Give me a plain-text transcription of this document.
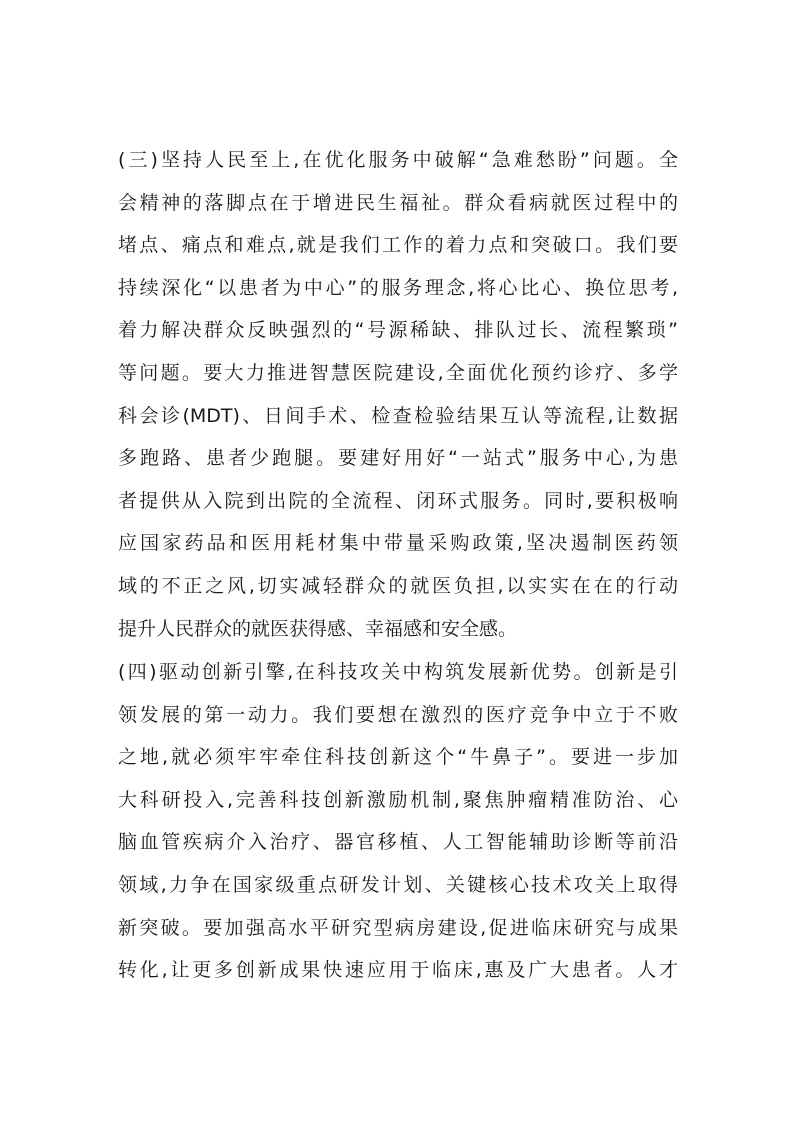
(三)坚持人民至上,在优化服务中破解“急难愁盼”问题。全
会精神的落脚点在于增进民生福祉。群众看病就医过程中的
堵点、痛点和难点,就是我们工作的着力点和突破口。我们要
持续深化“以患者为中心”的服务理念,将心比心、换位思考,
着力解决群众反映强烈的“号源稀缺、排队过长、流程繁琐”
等问题。要大力推进智慧医院建设,全面优化预约诊疗、多学
科会诊(MDT)、日间手术、检查检验结果互认等流程,让数据
多跑路、患者少跑腿。要建好用好“一站式”服务中心,为患
者提供从入院到出院的全流程、闭环式服务。同时,要积极响
应国家药品和医用耗材集中带量采购政策,坚决遏制医药领
域的不正之风,切实减轻群众的就医负担,以实实在在的行动
提升人民群众的就医获得感、幸福感和安全感。
(四)驱动创新引擎,在科技攻关中构筑发展新优势。创新是引
领发展的第一动力。我们要想在激烈的医疗竞争中立于不败
之地,就必须牢牢牵住科技创新这个“牛鼻子”。要进一步加
大科研投入,完善科技创新激励机制,聚焦肿瘤精准防治、心
脑血管疾病介入治疗、器官移植、人工智能辅助诊断等前沿
领域,力争在国家级重点研发计划、关键核心技术攻关上取得
新突破。要加强高水平研究型病房建设,促进临床研究与成果
转化,让更多创新成果快速应用于临床,惠及广大患者。人才
